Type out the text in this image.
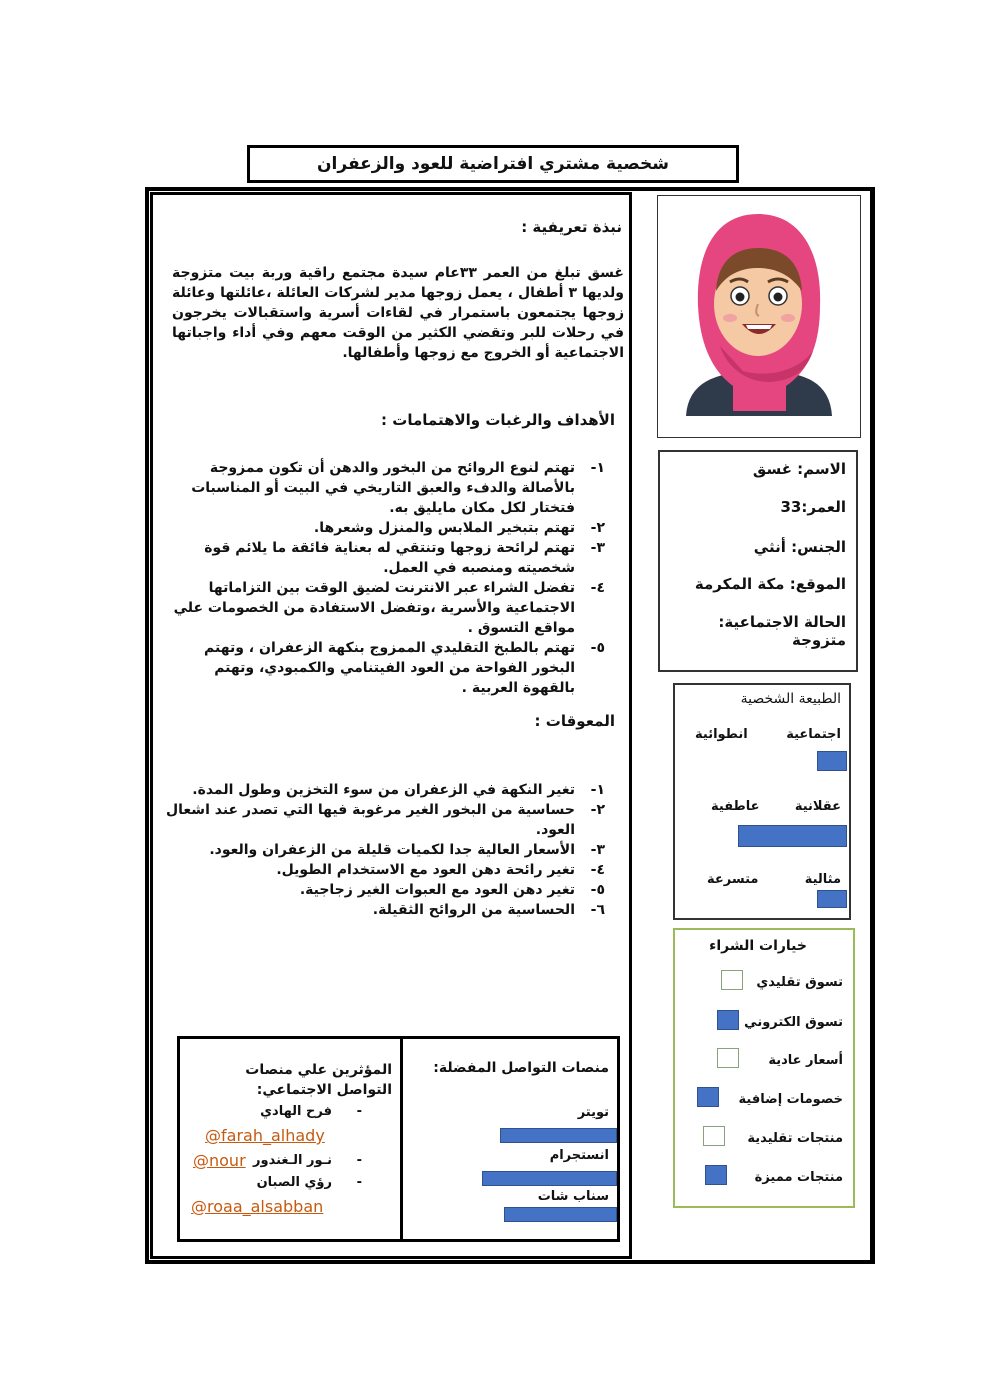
شخصية مشتري افتراضية للعود والزعفران
نبذة تعريفية :
غسق تبلغ من العمر ٣٣عام سيدة مجتمع راقية وربة بيت متزوجة ولديها ٣ أطفال ، يعمل زوجها مدير لشركات العائلة ،عائلتها وعائلة زوجها يجتمعون باستمرار في لقاءات أسرية واستقبالات يخرجون في رحلات للبر وتقضي الكثير من الوقت معهم وفي أداء واجباتها الاجتماعية أو الخروج مع زوجها وأطفالها.
الأهداف والرغبات والاهتمامات :
١-
تهتم لنوع الروائح من البخور والدهن أن تكون ممزوجة بالأصالة والدفء والعبق التاريخي في البيت أو المناسبات فتختار لكل مكان مايليق به.
٢-
تهتم بتبخير الملابس والمنزل وشعرها.
٣-
تهتم لرائحة زوجها وتنتقي له بعناية فائقة ما يلائم قوة شخصيته ومنصبه في العمل.
٤-
تفضل الشراء عبر الانترنت لضيق الوقت بين التزاماتها الاجتماعية والأسرية ،وتفضل الاستفادة من الخصومات علي مواقع التسوق .
٥-
تهتم بالطبخ التقليدي الممزوج بنكهة الزعفران ، وتهتم البخور الفواحة من العود الفيتنامي والكمبودي، وتهتم بالقهوة العربية .
المعوقات :
١-
تغير النكهة في الزعفران من سوء التخزين وطول المدة.
٢-
حساسية من البخور الغير مرغوبة فيها التي تصدر عند اشعال العود.
٣-
الأسعار العالية جدا لكميات قليلة من الزعفران والعود.
٤-
تغير رائحة دهن العود مع الاستخدام الطويل.
٥-
تغير دهن العود مع العبوات الغير زجاجية.
٦-
الحساسية من الروائح الثقيلة.
منصات التواصل المفضلة:
تويتر
انستجرام
سناب شات
المؤثرين علي منصات التواصل الاجتماعي:
-
فرح الهادي
@farah_alhady
-
نـور الـغندور
@nour
-
رؤي الصبان
@roaa_alsabban
الاسم: غسق
العمر:33
الجنس: أنثي
الموقع: مكة المكرمة
الحالة الاجتماعية: متزوجة
الطبيعة الشخصية
اجتماعية
انطوائية
عقلانية
عاطفية
مثالية
متسرعة
خيارات الشراء
تسوق تقليدي
تسوق الكتروني
أسعار عادية
خصومات إضافية
منتجات تقليدية
منتجات مميزة
